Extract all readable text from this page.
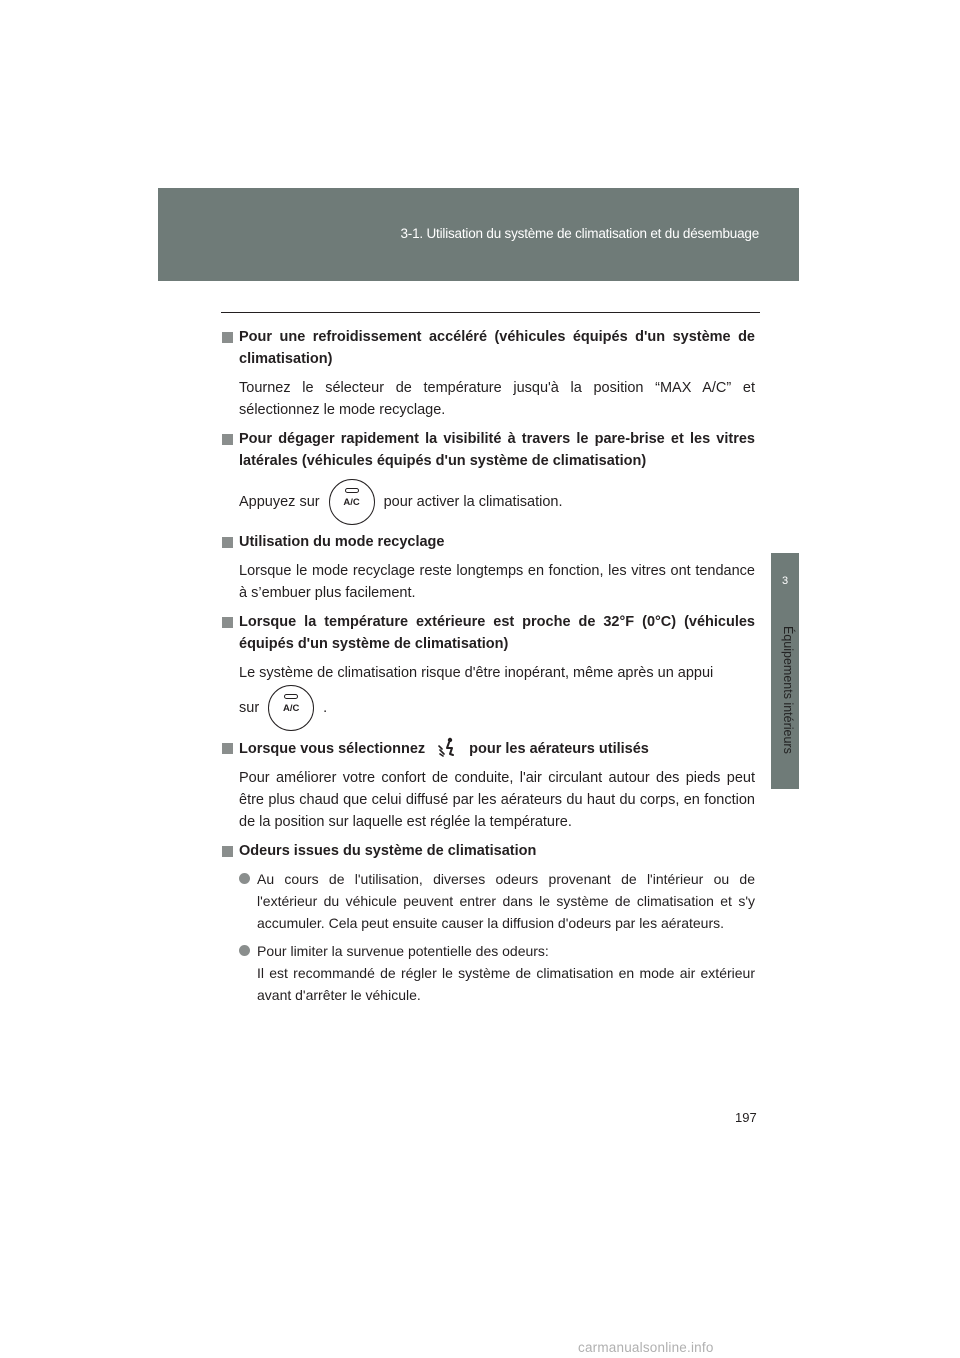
3-1. Utilisation du système de climatisation et du désembuage
3
Équipements intérieurs
Pour une refroidissement accéléré (véhicules équipés d'un système de climatisation)
Tournez le sélecteur de température jusqu'à la position “MAX A/C” et sélectionnez le mode recyclage.
Pour dégager rapidement la visibilité à travers le pare-brise et les vitres latérales (véhicules équipés d'un système de climatisation)
Appuyez sur	A/C	pour activer la climatisation.
Utilisation du mode recyclage
Lorsque le mode recyclage reste longtemps en fonction, les vitres ont tendance à s’embuer plus facilement.
Lorsque la température extérieure est proche de 32°F (0°C) (véhicules équipés d'un système de climatisation)
Le système de climatisation risque d'être inopérant, même après un appui
sur	A/C	.
Lorsque vous sélectionnez	pour les aérateurs utilisés
Pour améliorer votre confort de conduite, l'air circulant autour des pieds peut être plus chaud que celui diffusé par les aérateurs du haut du corps, en fonction de la position sur laquelle est réglée la température.
Odeurs issues du système de climatisation
Au cours de l'utilisation, diverses odeurs provenant de l'intérieur ou de l'extérieur du véhicule peuvent entrer dans le système de climatisation et s'y accumuler. Cela peut ensuite causer la diffusion d'odeurs par les aérateurs.
Pour limiter la survenue potentielle des odeurs:
Il est recommandé de régler le système de climatisation en mode air extérieur avant d'arrêter le véhicule.
197
carmanualsonline.info
